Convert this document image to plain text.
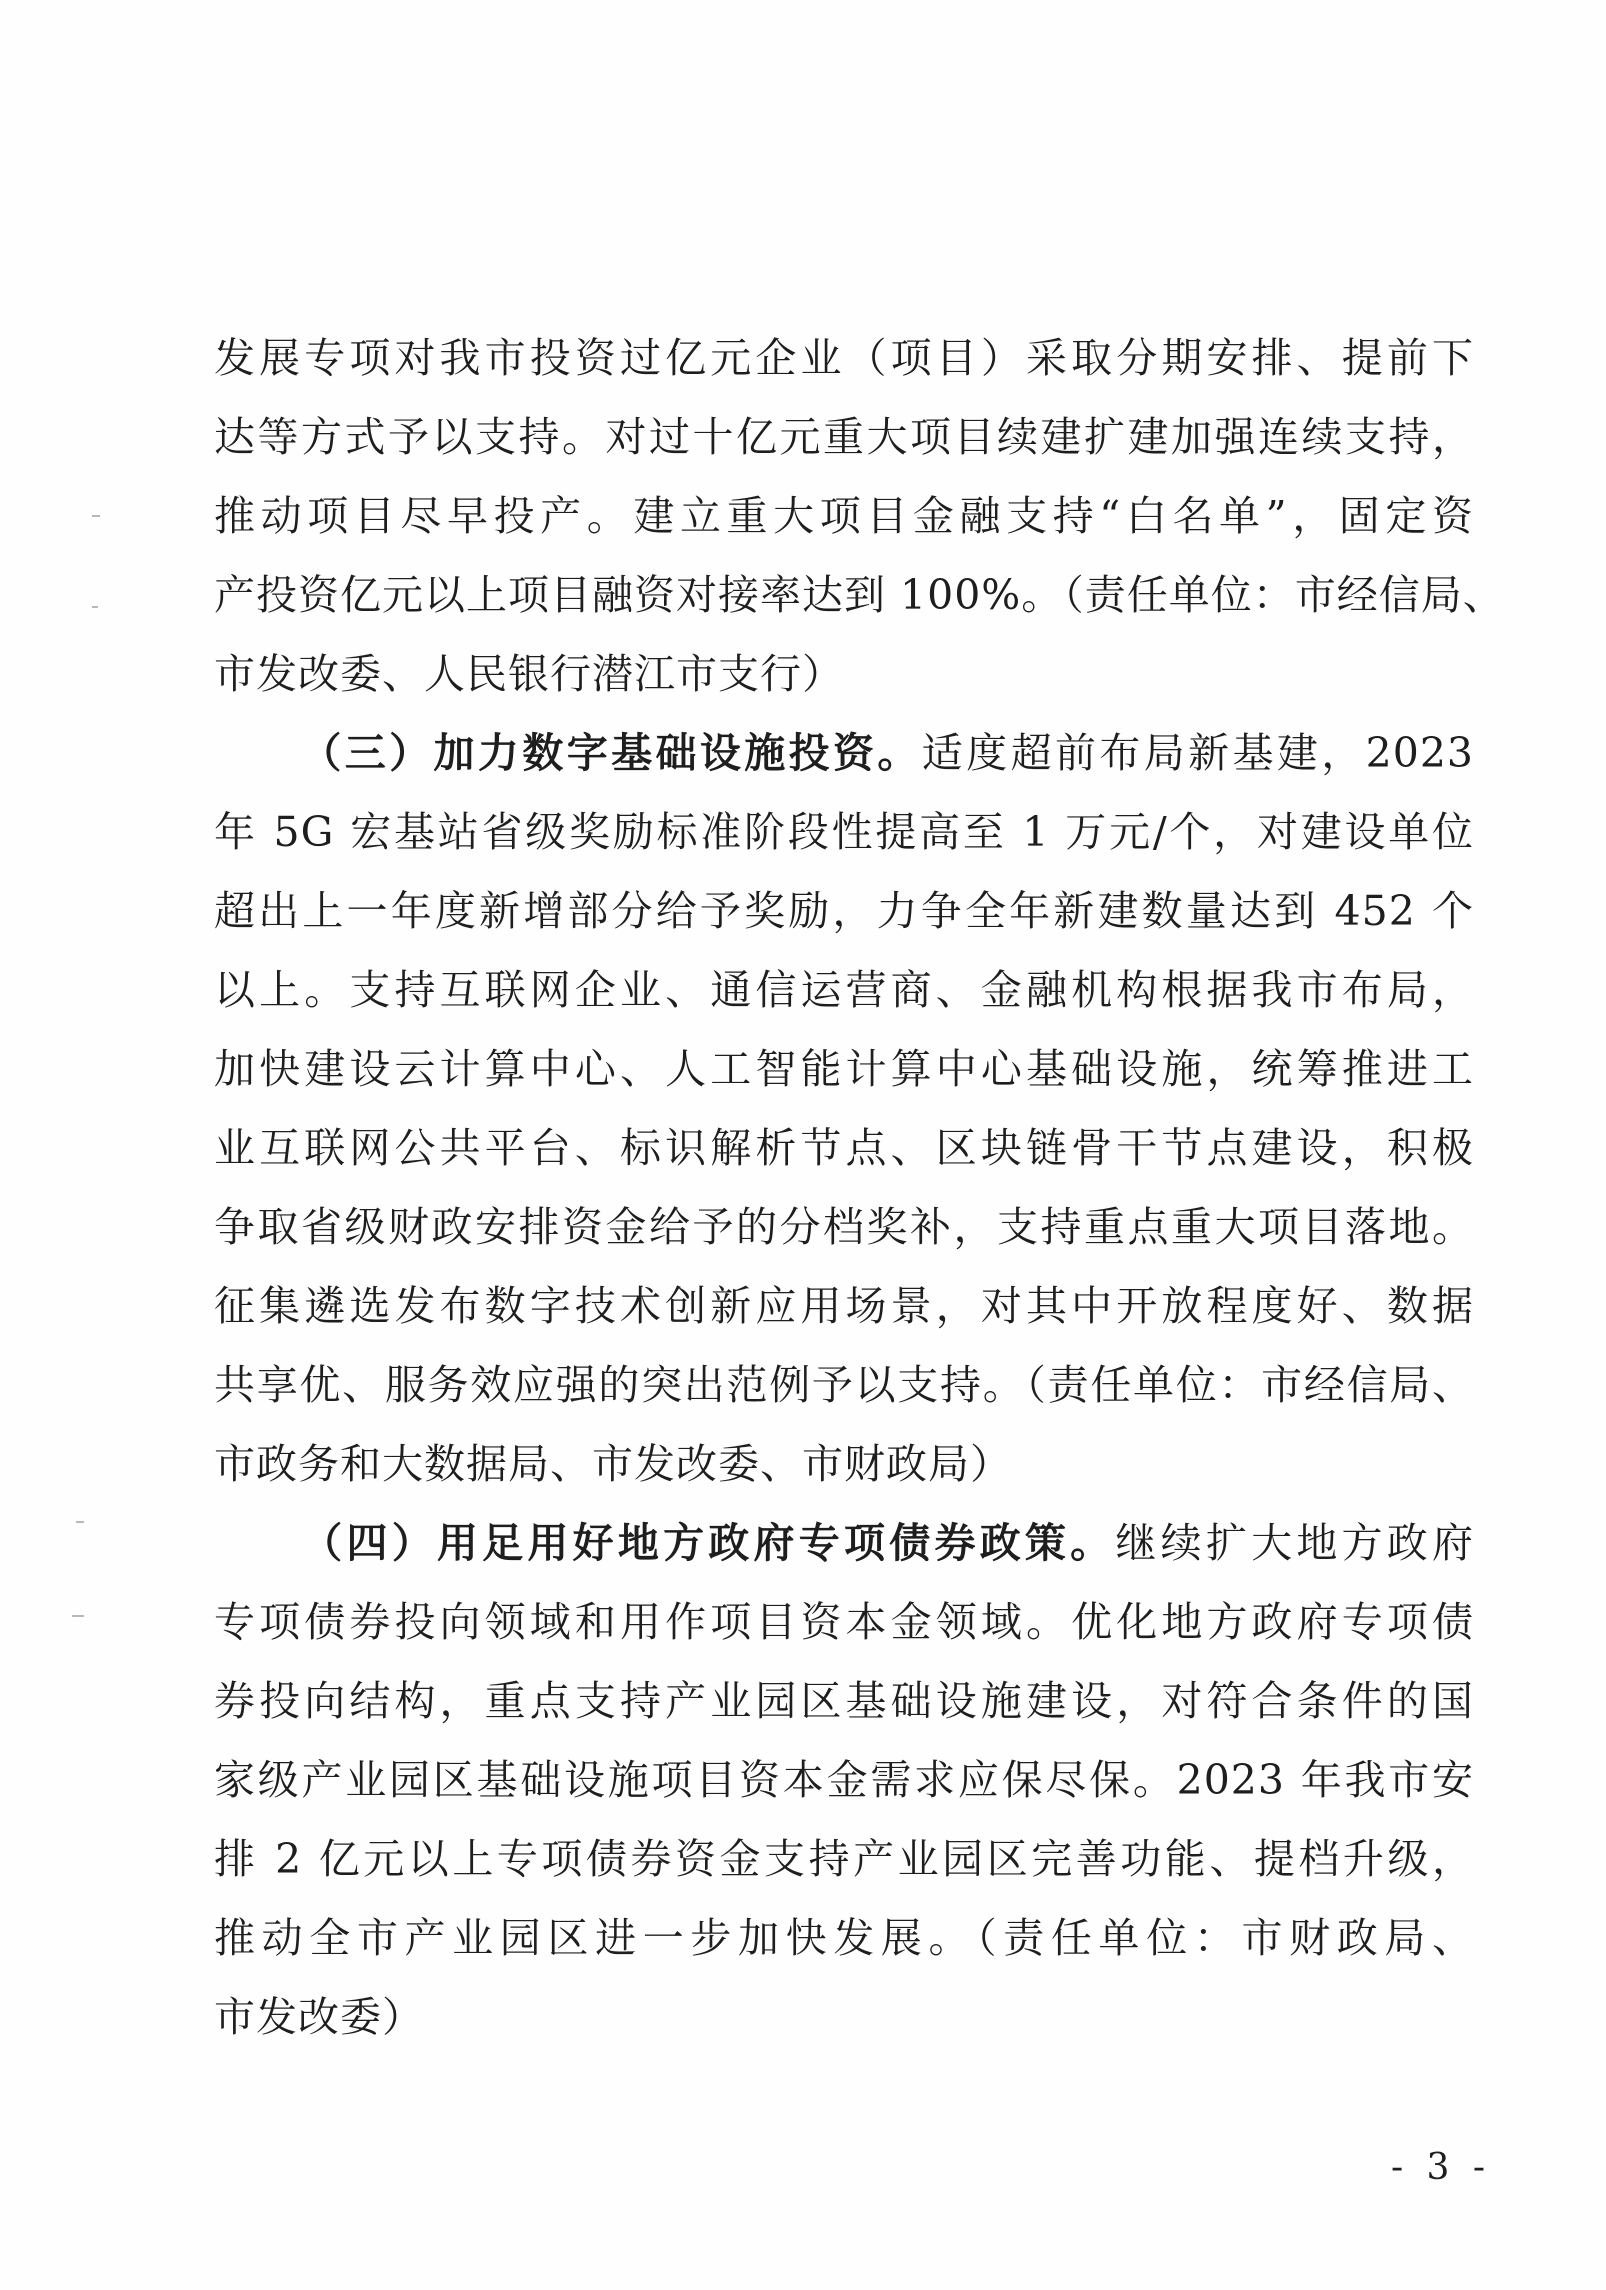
发展专项对我市投资过亿元企业（项目）采取分期安排、提前下
达等方式予以支持。对过十亿元重大项目续建扩建加强连续支持，
推动项目尽早投产。建立重大项目金融支持“白名单”，固定资
产投资亿元以上项目融资对接率达到 100%。（责任单位：市经信局、
市发改委、人民银行潜江市支行）
（三）加力数字基础设施投资。适度超前布局新基建，2023
年 5G 宏基站省级奖励标准阶段性提高至 1 万元/个，对建设单位
超出上一年度新增部分给予奖励，力争全年新建数量达到 452 个
以上。支持互联网企业、通信运营商、金融机构根据我市布局，
加快建设云计算中心、人工智能计算中心基础设施，统筹推进工
业互联网公共平台、标识解析节点、区块链骨干节点建设，积极
争取省级财政安排资金给予的分档奖补，支持重点重大项目落地。
征集遴选发布数字技术创新应用场景，对其中开放程度好、数据
共享优、服务效应强的突出范例予以支持。（责任单位：市经信局、
市政务和大数据局、市发改委、市财政局）
（四）用足用好地方政府专项债券政策。继续扩大地方政府
专项债券投向领域和用作项目资本金领域。优化地方政府专项债
券投向结构，重点支持产业园区基础设施建设，对符合条件的国
家级产业园区基础设施项目资本金需求应保尽保。2023 年我市安
排 2 亿元以上专项债券资金支持产业园区完善功能、提档升级，
推动全市产业园区进一步加快发展。（责任单位：市财政局、
市发改委）
- 3 -
